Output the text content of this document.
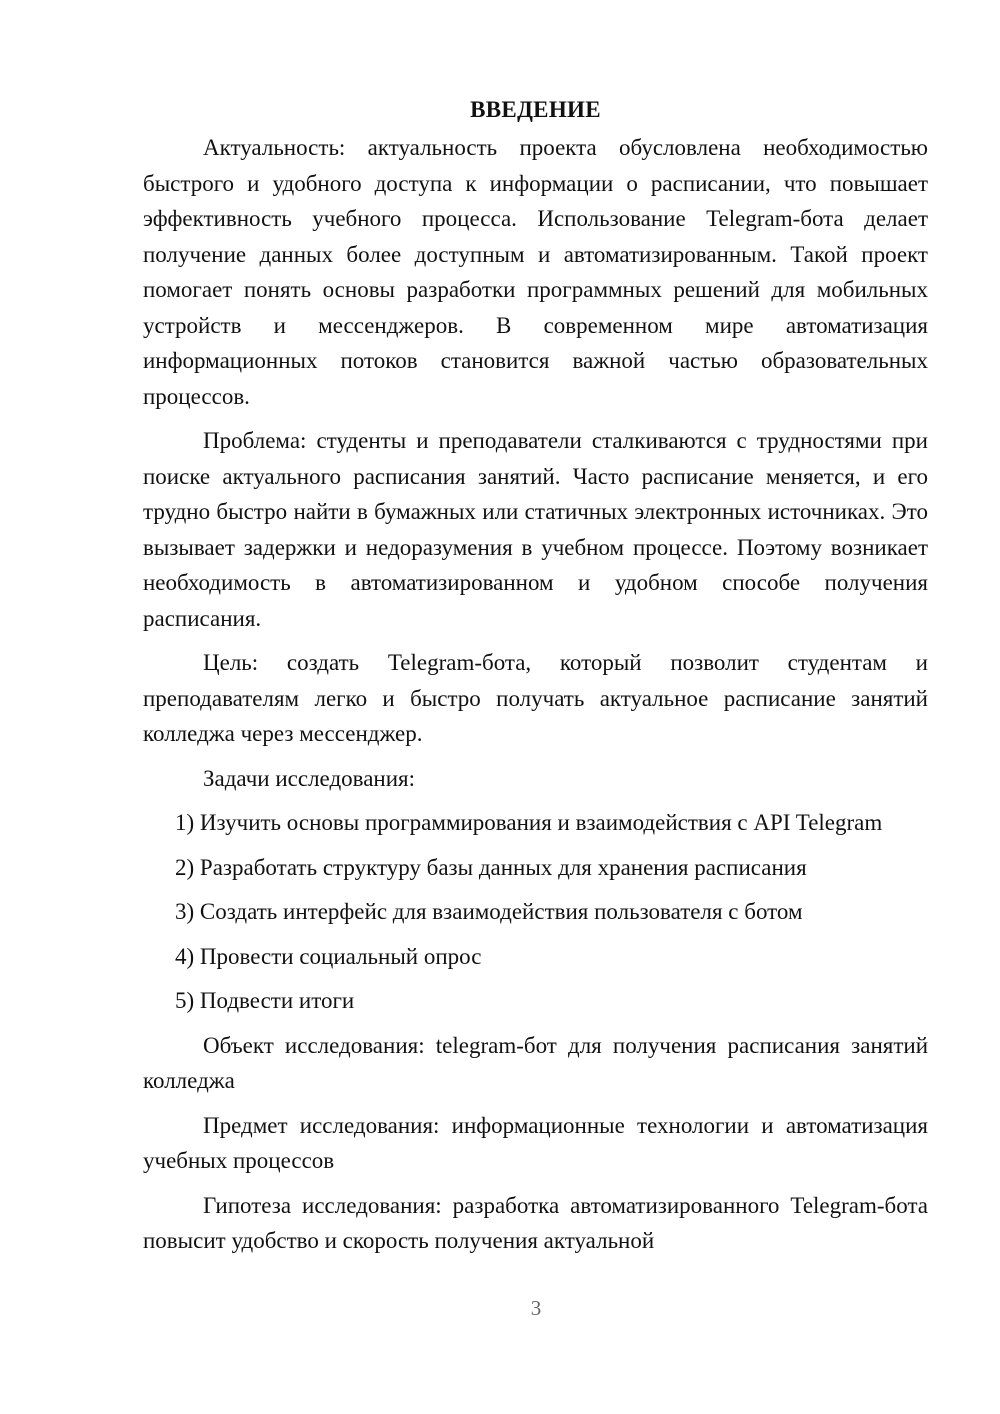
ВВЕДЕНИЕ

Актуальность: актуальность проекта обусловлена необходимостью быстрого и удобного доступа к информации о расписании, что повышает эффективность учебного процесса. Использование Telegram-бота делает получение данных более доступным и автоматизированным. Такой проект помогает понять основы разработки программных решений для мобильных устройств и мессенджеров. В современном мире автоматизация информационных потоков становится важной частью образовательных процессов.

Проблема: студенты и преподаватели сталкиваются с трудностями при поиске актуального расписания занятий. Часто расписание меняется, и его трудно быстро найти в бумажных или статичных электронных источниках. Это вызывает задержки и недоразумения в учебном процессе. Поэтому возникает необходимость в автоматизированном и удобном способе получения расписания.

Цель: создать Telegram-бота, который позволит студентам и преподавателям легко и быстро получать актуальное расписание занятий колледжа через мессенджер.

Задачи исследования:

1) Изучить основы программирования и взаимодействия с API Telegram

2) Разработать структуру базы данных для хранения расписания

3) Создать интерфейс для взаимодействия пользователя с ботом

4) Провести социальный опрос

5) Подвести итоги

Объект исследования: telegram-бот для получения расписания занятий колледжа

Предмет исследования: информационные технологии и автоматизация учебных процессов

Гипотеза исследования: разработка автоматизированного Telegram-бота повысит удобство и скорость получения актуальной

3
